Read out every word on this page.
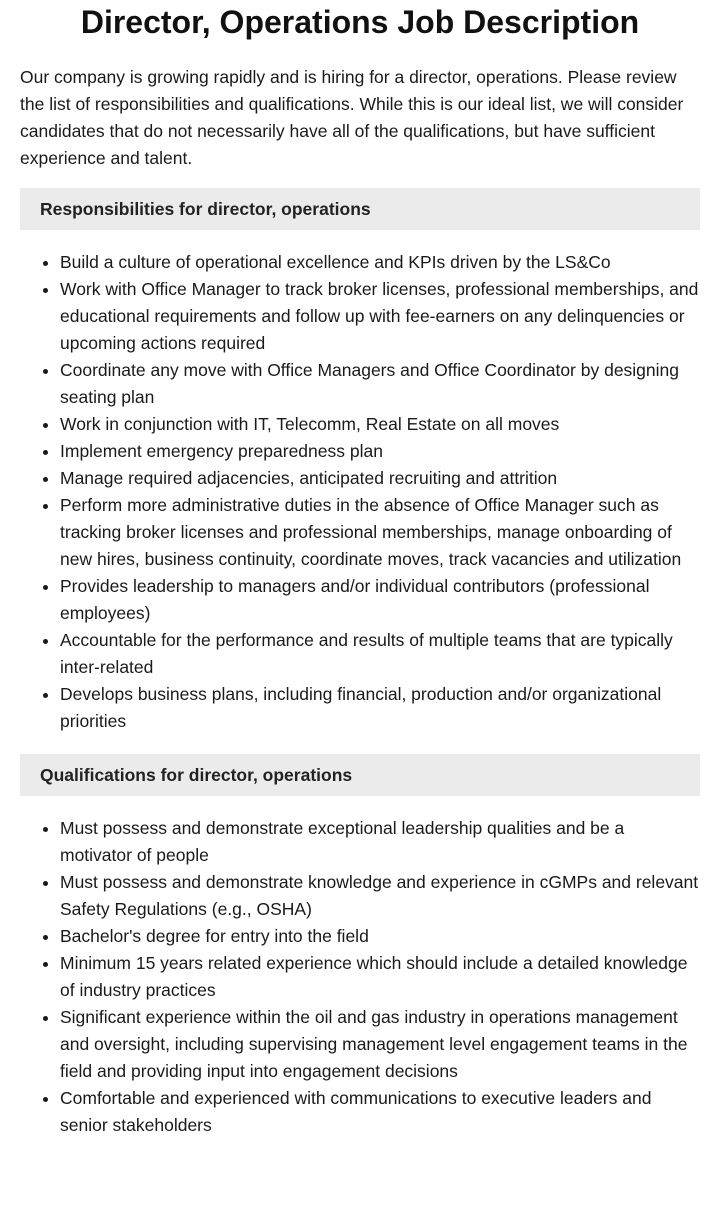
Director, Operations Job Description

Our company is growing rapidly and is hiring for a director, operations. Please review the list of responsibilities and qualifications. While this is our ideal list, we will consider candidates that do not necessarily have all of the qualifications, but have sufficient experience and talent.

Responsibilities for director, operations
• Build a culture of operational excellence and KPIs driven by the LS&Co
• Work with Office Manager to track broker licenses, professional memberships, and educational requirements and follow up with fee-earners on any delinquencies or upcoming actions required
• Coordinate any move with Office Managers and Office Coordinator by designing seating plan
• Work in conjunction with IT, Telecomm, Real Estate on all moves
• Implement emergency preparedness plan
• Manage required adjacencies, anticipated recruiting and attrition
• Perform more administrative duties in the absence of Office Manager such as tracking broker licenses and professional memberships, manage onboarding of new hires, business continuity, coordinate moves, track vacancies and utilization
• Provides leadership to managers and/or individual contributors (professional employees)
• Accountable for the performance and results of multiple teams that are typically inter-related
• Develops business plans, including financial, production and/or organizational priorities
Qualifications for director, operations
• Must possess and demonstrate exceptional leadership qualities and be a motivator of people
• Must possess and demonstrate knowledge and experience in cGMPs and relevant Safety Regulations (e.g., OSHA)
• Bachelor's degree for entry into the field
• Minimum 15 years related experience which should include a detailed knowledge of industry practices
• Significant experience within the oil and gas industry in operations management and oversight, including supervising management level engagement teams in the field and providing input into engagement decisions
• Comfortable and experienced with communications to executive leaders and senior stakeholders
